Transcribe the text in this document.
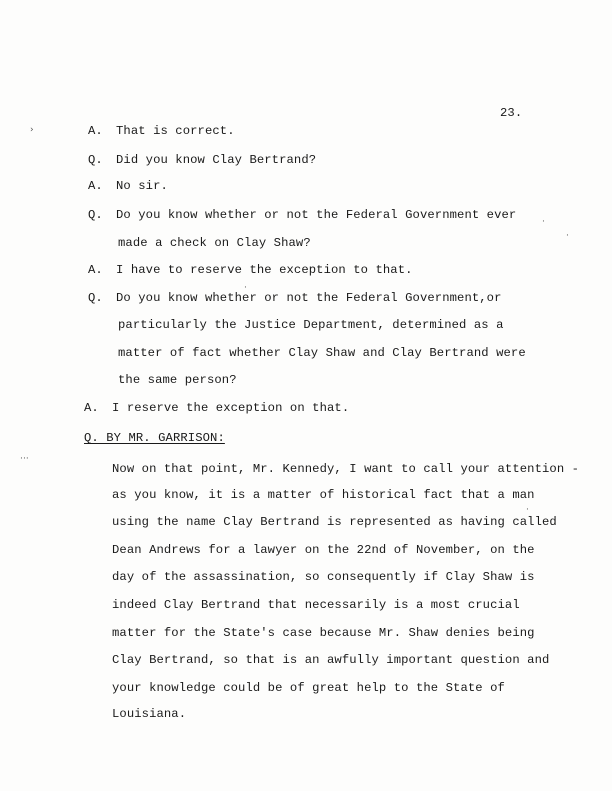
23.
A. That is correct.
Q. Did you know Clay Bertrand?
A. No sir.
Q. Do you know whether or not the Federal Government ever
made a check on Clay Shaw?
A. I have to reserve the exception to that.
Q. Do you know whether or not the Federal Government,or
particularly the Justice Department, determined as a
matter of fact whether Clay Shaw and Clay Bertrand were
the same person?
A. I reserve the exception on that.
Q. BY MR. GARRISON:
Now on that point, Mr. Kennedy, I want to call your attention -
as you know, it is a matter of historical fact that a man
using the name Clay Bertrand is represented as having called
Dean Andrews for a lawyer on the 22nd of November, on the
day of the assassination, so consequently if Clay Shaw is
indeed Clay Bertrand that necessarily is a most crucial
matter for the State's case because Mr. Shaw denies being
Clay Bertrand, so that is an awfully important question and
your knowledge could be of great help to the State of
Louisiana.
›
·
·
·
···
·
